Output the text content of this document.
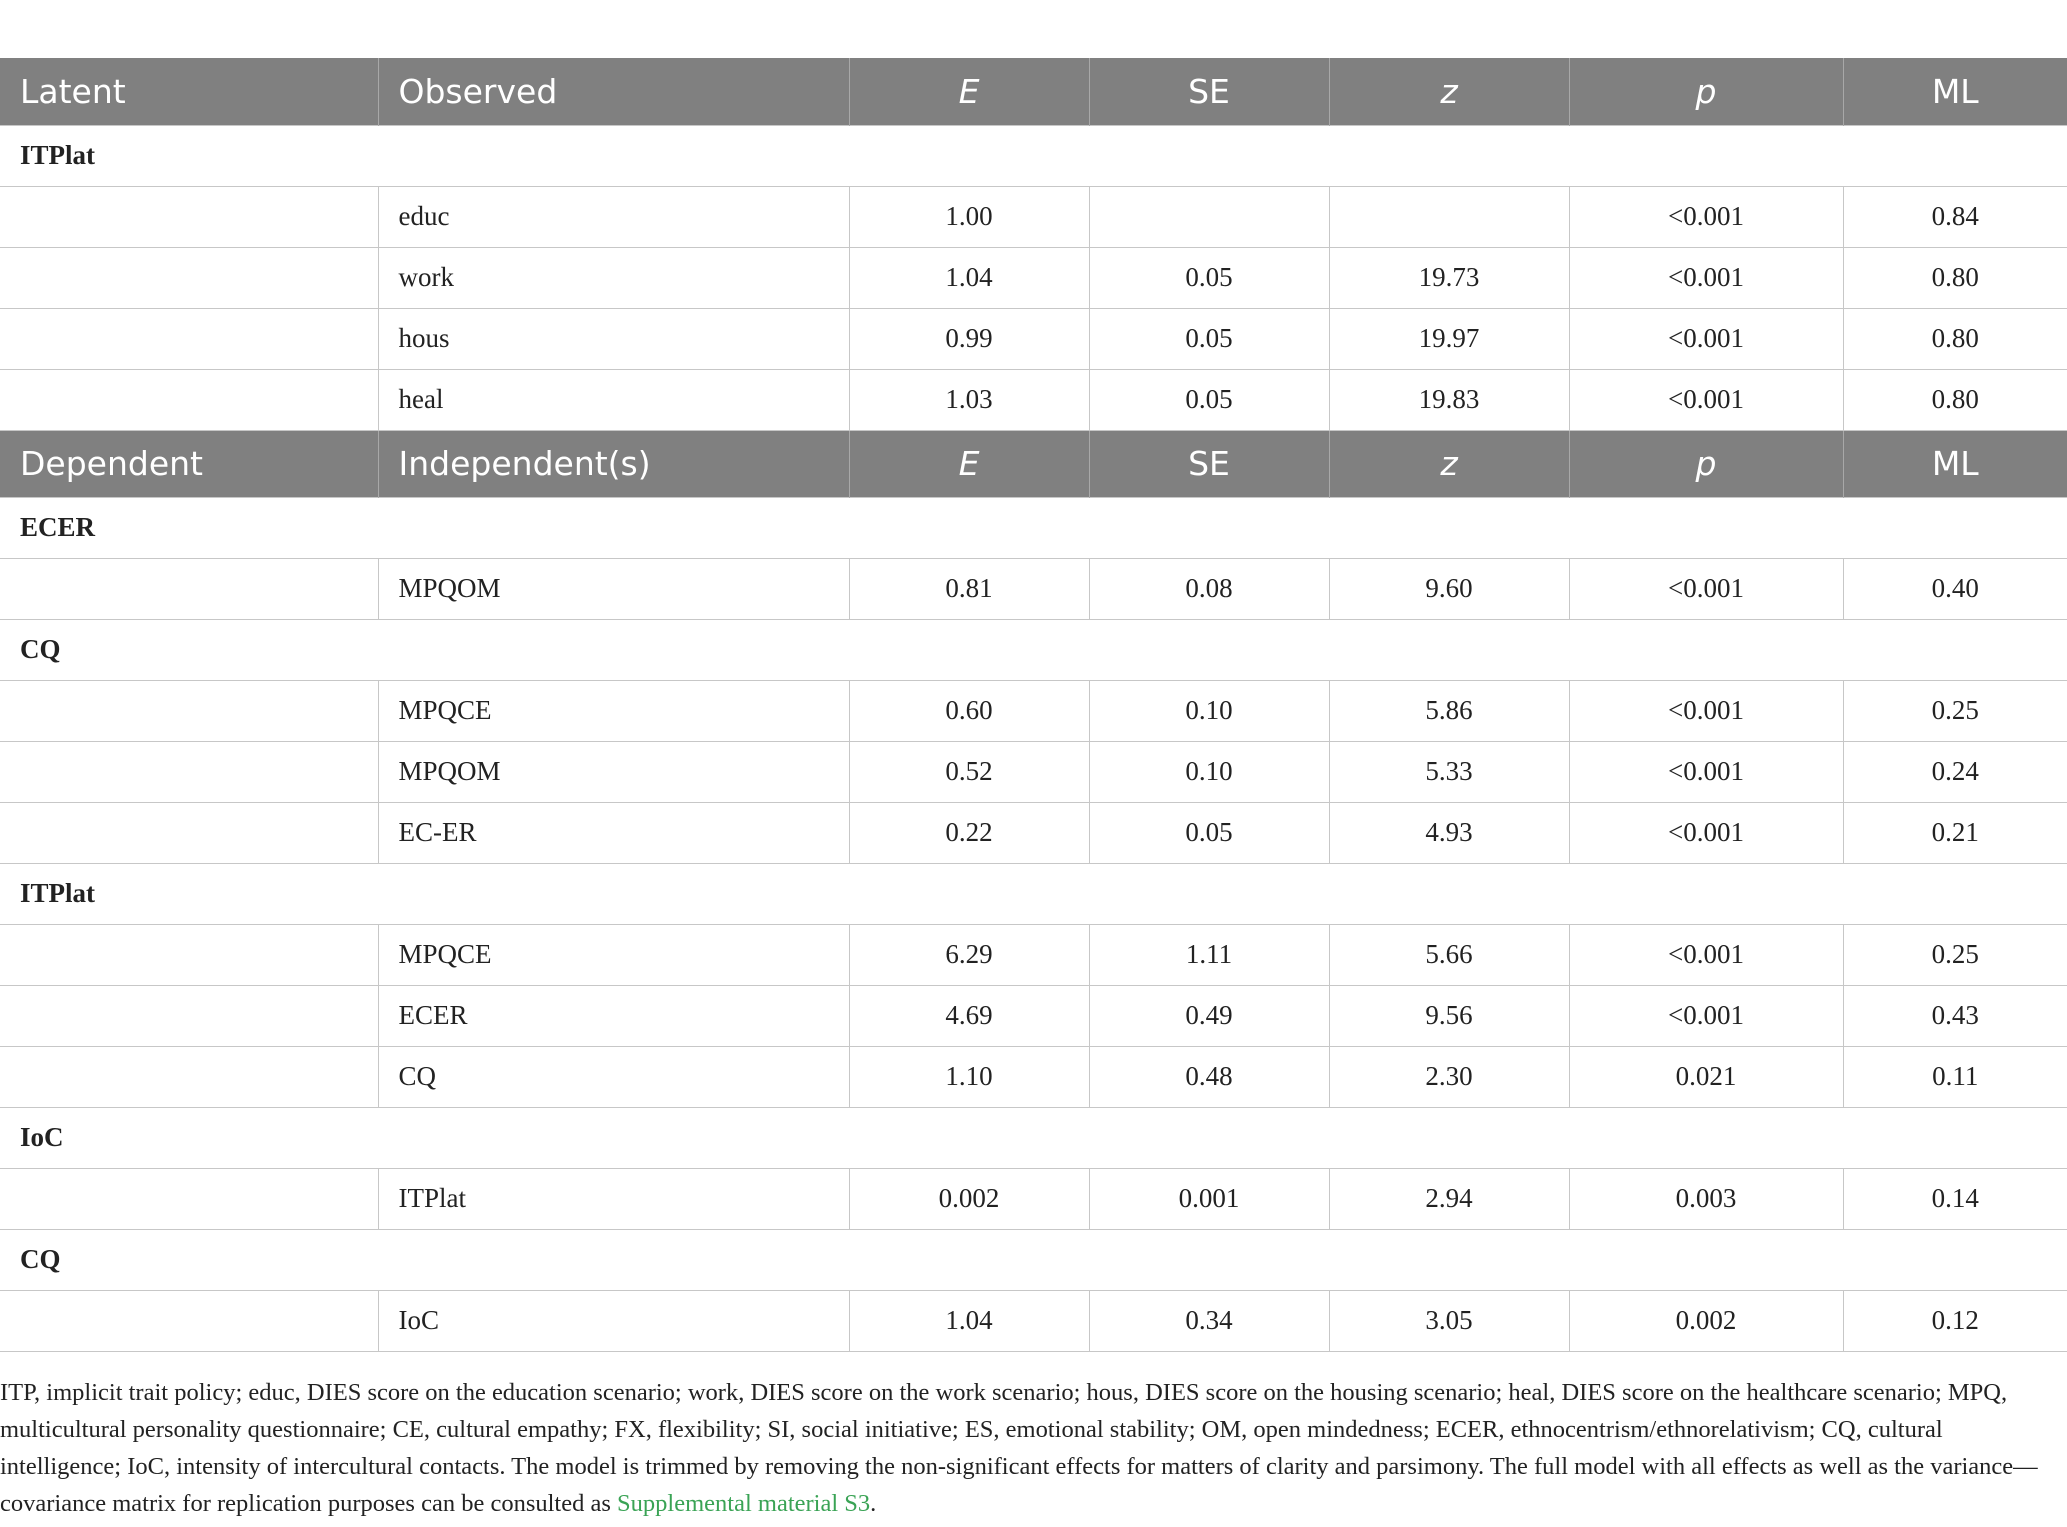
Latent	Observed	E	SE	z	p	ML
ITPlat						
	educ	1.00			<0.001	0.84
	work	1.04	0.05	19.73	<0.001	0.80
	hous	0.99	0.05	19.97	<0.001	0.80
	heal	1.03	0.05	19.83	<0.001	0.80
Dependent	Independent(s)	E	SE	z	p	ML
ECER						
	MPQOM	0.81	0.08	9.60	<0.001	0.40
CQ						
	MPQCE	0.60	0.10	5.86	<0.001	0.25
	MPQOM	0.52	0.10	5.33	<0.001	0.24
	EC-ER	0.22	0.05	4.93	<0.001	0.21
ITPlat						
	MPQCE	6.29	1.11	5.66	<0.001	0.25
	ECER	4.69	0.49	9.56	<0.001	0.43
	CQ	1.10	0.48	2.30	0.021	0.11
IoC						
	ITPlat	0.002	0.001	2.94	0.003	0.14
CQ						
	IoC	1.04	0.34	3.05	0.002	0.12
ITP, implicit trait policy; educ, DIES score on the education scenario; work, DIES score on the work scenario; hous, DIES score on the housing scenario; heal, DIES score on the healthcare scenario; MPQ, multicultural personality questionnaire; CE, cultural empathy; FX, flexibility; SI, social initiative; ES, emotional stability; OM, open mindedness; ECER, ethnocentrism/ethnorelativism; CQ, cultural intelligence; IoC, intensity of intercultural contacts. The model is trimmed by removing the non-significant effects for matters of clarity and parsimony. The full model with all effects as well as the variance—covariance matrix for replication purposes can be consulted as Supplemental material S3.
